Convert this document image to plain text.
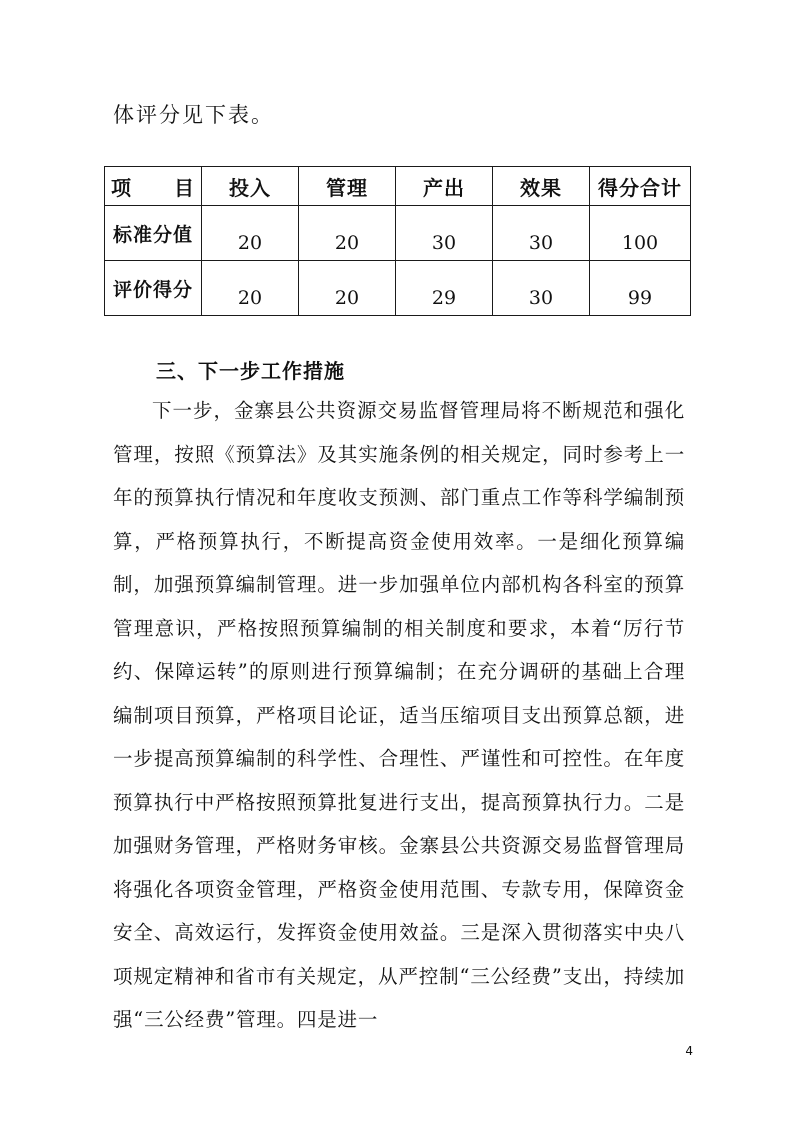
体评分见下表。

项　　目	投入	管理	产出	效果	得分合计
标准分值	20	20	30	30	100
评价得分	20	20	29	30	99
三、下一步工作措施

下一步，金寨县公共资源交易监督管理局将不断规范和强化管理，按照《预算法》及其实施条例的相关规定，同时参考上一年的预算执行情况和年度收支预测、部门重点工作等科学编制预算，严格预算执行，不断提高资金使用效率。一是细化预算编制，加强预算编制管理。进一步加强单位内部机构各科室的预算管理意识，严格按照预算编制的相关制度和要求，本着“厉行节约、保障运转”的原则进行预算编制；在充分调研的基础上合理编制项目预算，严格项目论证，适当压缩项目支出预算总额，进一步提高预算编制的科学性、合理性、严谨性和可控性。在年度预算执行中严格按照预算批复进行支出，提高预算执行力。二是加强财务管理，严格财务审核。金寨县公共资源交易监督管理局将强化各项资金管理，严格资金使用范围、专款专用，保障资金安全、高效运行，发挥资金使用效益。三是深入贯彻落实中央八项规定精神和省市有关规定，从严控制“三公经费”支出，持续加强“三公经费”管理。四是进一

4
